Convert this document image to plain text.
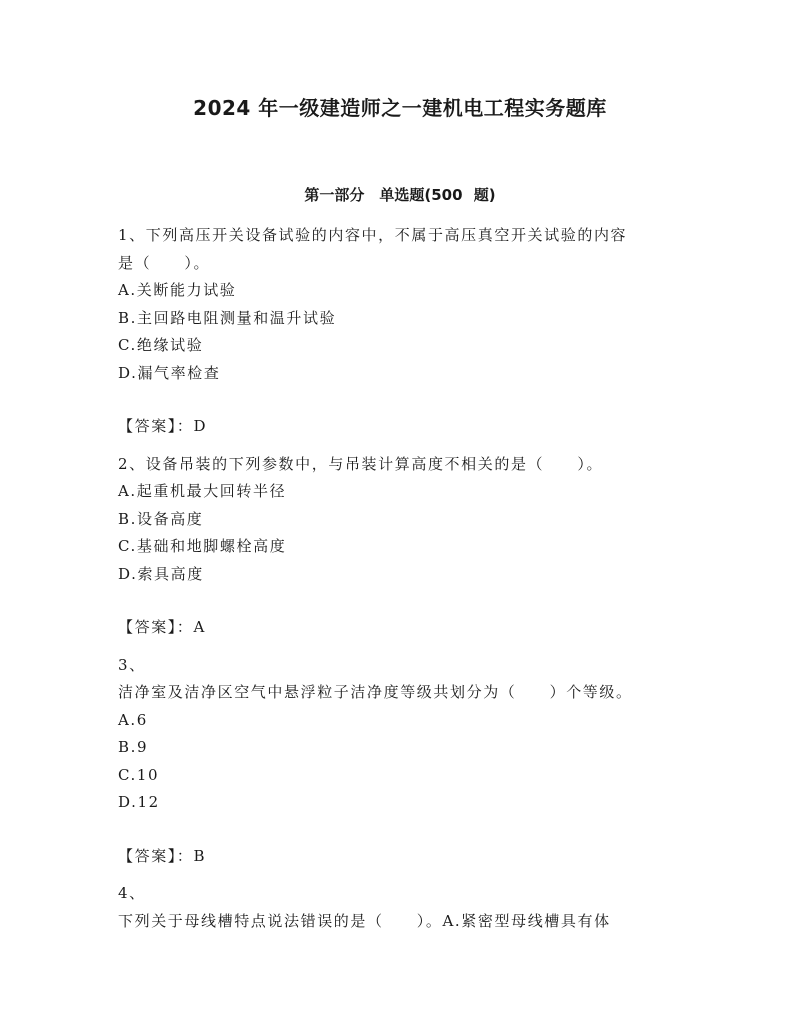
2024 年一级建造师之一建机电工程实务题库
第一部分　单选题(500 题)
1、下列高压开关设备试验的内容中，不属于高压真空开关试验的内容
是（　　）。
A.关断能力试验
B.主回路电阻测量和温升试验
C.绝缘试验
D.漏气率检查
【答案】：D
2、设备吊装的下列参数中，与吊装计算高度不相关的是（　　）。
A.起重机最大回转半径
B.设备高度
C.基础和地脚螺栓高度
D.索具高度
【答案】：A
3、
洁净室及洁净区空气中悬浮粒子洁净度等级共划分为（　　）个等级。
A.6
B.9
C.10
D.12
【答案】：B
4、
下列关于母线槽特点说法错误的是（　　）。A.紧密型母线槽具有体
